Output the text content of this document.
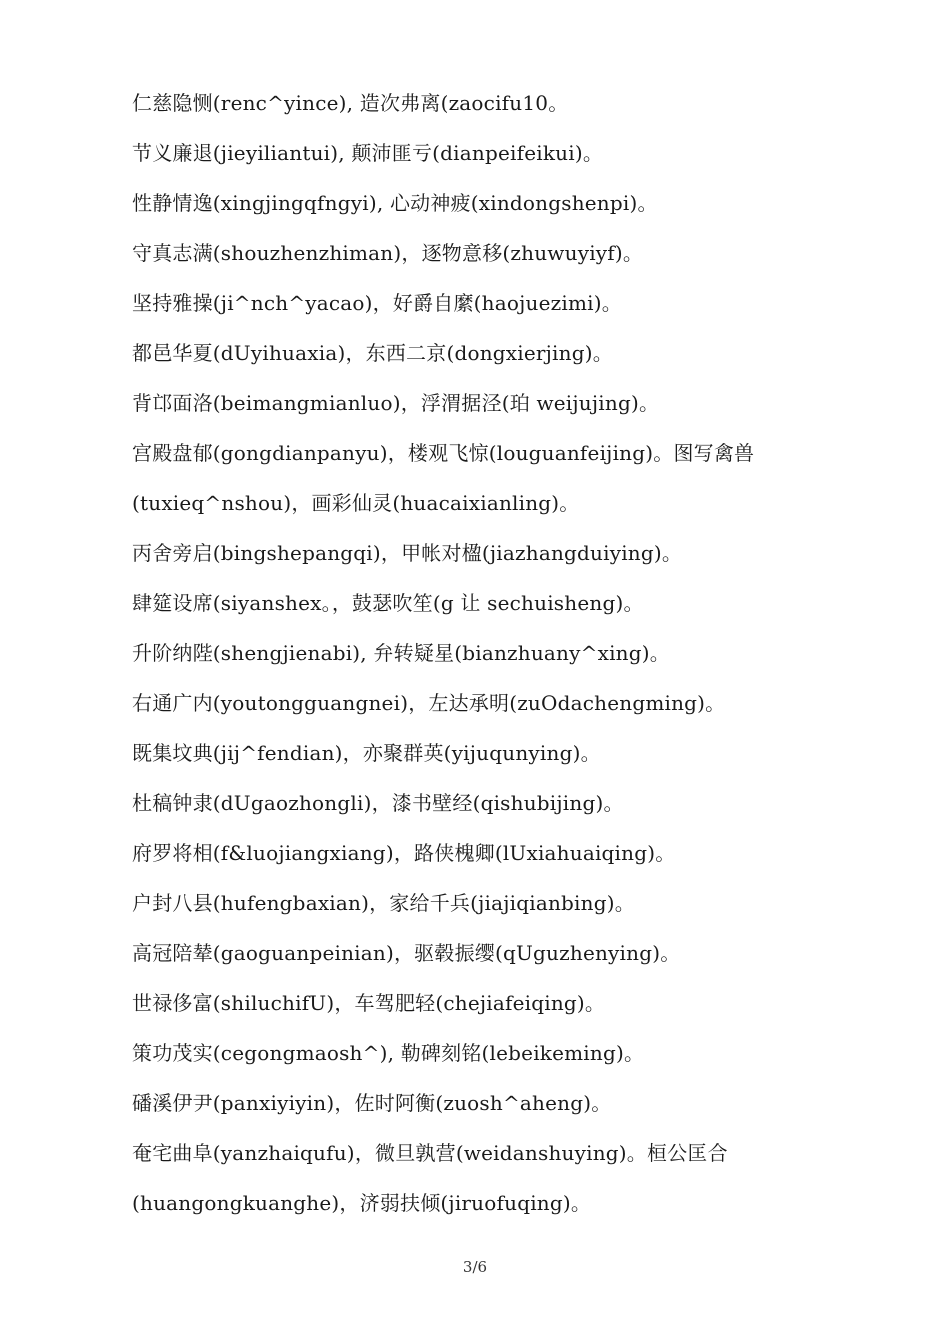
仁慈隐恻(renc^yince), 造次弗离(zaocifu10。
节义廉退(jieyiliantui), 颠沛匪亏(dianpeifeikui)。
性静情逸(xingjingqfngyi), 心动神疲(xindongshenpi)。
守真志满(shouzhenzhiman)，逐物意移(zhuwuyiyf)。
坚持雅操(ji^nch^yacao)，好爵自縻(haojuezimi)。
都邑华夏(dUyihuaxia)，东西二京(dongxierjing)。
背邙面洛(beimangmianluo)，浮渭据泾(珀 weijujing)。
宫殿盘郁(gongdianpanyu)，楼观飞惊(louguanfeijing)。图写禽兽
(tuxieq^nshou)，画彩仙灵(huacaixianling)。
丙舍旁启(bingshepangqi)，甲帐对楹(jiazhangduiying)。
肆筵设席(siyanshex。，鼓瑟吹笙(g 让 sechuisheng)。
升阶纳陛(shengjienabi), 弁转疑星(bianzhuany^xing)。
右通广内(youtongguangnei)，左达承明(zuOdachengming)。
既集坟典(jij^fendian)，亦聚群英(yijuqunying)。
杜稿钟隶(dUgaozhongli)，漆书壁经(qishubijing)。
府罗将相(f&luojiangxiang)，路侠槐卿(lUxiahuaiqing)。
户封八县(hufengbaxian)，家给千兵(jiajiqianbing)。
高冠陪辇(gaoguanpeinian)，驱毂振缨(qUguzhenying)。
世禄侈富(shiluchifU)，车驾肥轻(chejiafeiqing)。
策功茂实(cegongmaosh^), 勒碑刻铭(lebeikeming)。
磻溪伊尹(panxiyiyin)，佐时阿衡(zuosh^aheng)。
奄宅曲阜(yanzhaiqufu)，微旦孰营(weidanshuying)。桓公匡合
(huangongkuanghe)，济弱扶倾(jiruofuqing)。
3/6
